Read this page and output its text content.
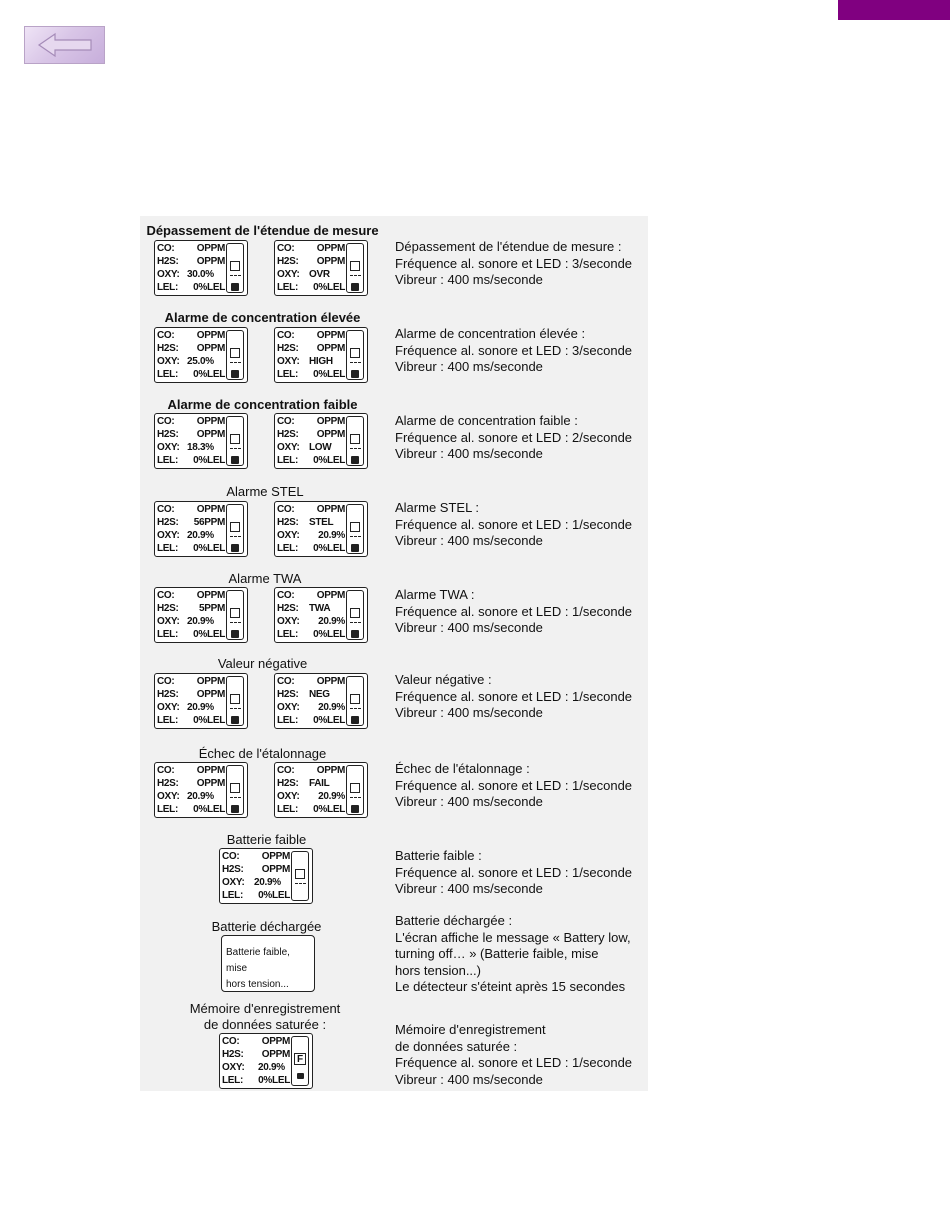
Dépassement de l'étendue de mesure
CO:	OPPM
H2S:	OPPM
OXY: 30.0%
LEL:	0%LEL
CO:	OPPM
H2S:	OPPM
OXY: OVR
LEL:	0%LEL
Dépassement de l'étendue de mesure :
Fréquence al. sonore et LED : 3/seconde
Vibreur : 400 ms/seconde
Alarme de concentration élevée
CO:	OPPM
H2S:	OPPM
OXY: 25.0%
LEL:	0%LEL
CO:	OPPM
H2S:	OPPM
OXY: HIGH
LEL:	0%LEL
Alarme de concentration élevée :
Fréquence al. sonore et LED : 3/seconde
Vibreur : 400 ms/seconde
Alarme de concentration faible
CO:	OPPM
H2S:	OPPM
OXY: 18.3%
LEL:	0%LEL
CO:	OPPM
H2S:	OPPM
OXY: LOW
LEL:	0%LEL
Alarme de concentration faible :
Fréquence al. sonore et LED : 2/seconde
Vibreur : 400 ms/seconde
Alarme STEL
CO:	OPPM
H2S:	56PPM
OXY: 20.9%
LEL:	0%LEL
CO:	OPPM
H2S: STEL
OXY:	20.9%
LEL:	0%LEL
Alarme STEL :
Fréquence al. sonore et LED : 1/seconde
Vibreur : 400 ms/seconde
Alarme TWA
CO:	OPPM
H2S:	5PPM
OXY: 20.9%
LEL:	0%LEL
CO:	OPPM
H2S: TWA
OXY:	20.9%
LEL:	0%LEL
Alarme TWA :
Fréquence al. sonore et LED : 1/seconde
Vibreur : 400 ms/seconde
Valeur négative
CO:	OPPM
H2S:	OPPM
OXY: 20.9%
LEL:	0%LEL
CO:	OPPM
H2S: NEG
OXY:	20.9%
LEL:	0%LEL
Valeur négative :
Fréquence al. sonore et LED : 1/seconde
Vibreur : 400 ms/seconde
Échec de l'étalonnage
CO:	OPPM
H2S:	OPPM
OXY: 20.9%
LEL:	0%LEL
CO:	OPPM
H2S: FAIL
OXY:	20.9%
LEL:	0%LEL
Échec de l'étalonnage :
Fréquence al. sonore et LED : 1/seconde
Vibreur : 400 ms/seconde
Batterie faible
CO:	OPPM
H2S:	OPPM
OXY: 20.9%
LEL:	0%LEL
Batterie faible :
Fréquence al. sonore et LED : 1/seconde
Vibreur : 400 ms/seconde
Batterie déchargée
Batterie faible, mise
hors tension...
Batterie déchargée :
L'écran affiche le message « Battery low,
turning off… » (Batterie faible, mise
hors tension...)
Le détecteur s'éteint après 15 secondes
Mémoire d'enregistrement
de données saturée :
CO:	OPPM
H2S:	OPPM
OXY: 20.9%
LEL:	0%LEL
F
Mémoire d'enregistrement
de données saturée :
Fréquence al. sonore et LED : 1/seconde
Vibreur : 400 ms/seconde
